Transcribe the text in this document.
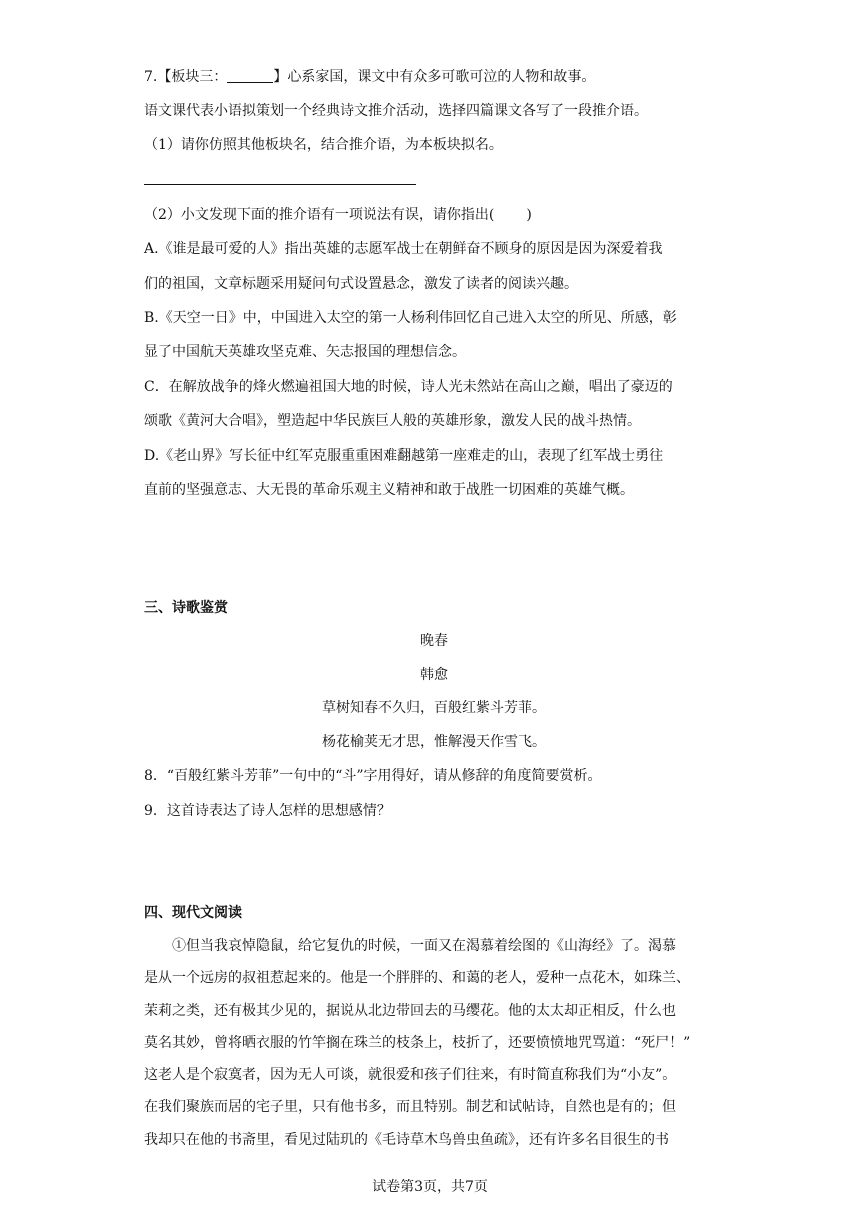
7.【板块三：	】心系家国，课文中有众多可歌可泣的人物和故事。
语文课代表小语拟策划一个经典诗文推介活动，选择四篇课文各写了一段推介语。
（1）请你仿照其他板块名，结合推介语，为本板块拟名。
（2）小文发现下面的推介语有一项说法有误，请你指出( )
A.《谁是最可爱的人》指出英雄的志愿军战士在朝鲜奋不顾身的原因是因为深爱着我
们的祖国，文章标题采用疑问句式设置悬念，激发了读者的阅读兴趣。
B.《天空一日》中，中国进入太空的第一人杨利伟回忆自己进入太空的所见、所感，彰
显了中国航天英雄攻坚克难、矢志报国的理想信念。
C．在解放战争的烽火燃遍祖国大地的时候，诗人光未然站在高山之巅，唱出了豪迈的
颂歌《黄河大合唱》，塑造起中华民族巨人般的英雄形象，激发人民的战斗热情。
D.《老山界》写长征中红军克服重重困难翻越第一座难走的山，表现了红军战士勇往
直前的坚强意志、大无畏的革命乐观主义精神和敢于战胜一切困难的英雄气概。
三、诗歌鉴赏
晚春
韩愈
草树知春不久归，百般红紫斗芳菲。
杨花榆荚无才思，惟解漫天作雪飞。
8．“百般红紫斗芳菲”一句中的“斗”字用得好，请从修辞的角度简要赏析。
9．这首诗表达了诗人怎样的思想感情？
四、现代文阅读

①但当我哀悼隐鼠，给它复仇的时候，一面又在渴慕着绘图的《山海经》了。渴慕

是从一个远房的叔祖惹起来的。他是一个胖胖的、和蔼的老人，爱种一点花木，如珠兰、

茉莉之类，还有极其少见的，据说从北边带回去的马缨花。他的太太却正相反，什么也

莫名其妙，曾将晒衣服的竹竿搁在珠兰的枝条上，枝折了，还要愤愤地咒骂道：“死尸！”

这老人是个寂寞者，因为无人可谈，就很爱和孩子们往来，有时简直称我们为“小友”。

在我们聚族而居的宅子里，只有他书多，而且特别。制艺和试帖诗，自然也是有的；但

我却只在他的书斋里，看见过陆玑的《毛诗草木鸟兽虫鱼疏》，还有许多名目很生的书

试卷第3页，共7页
